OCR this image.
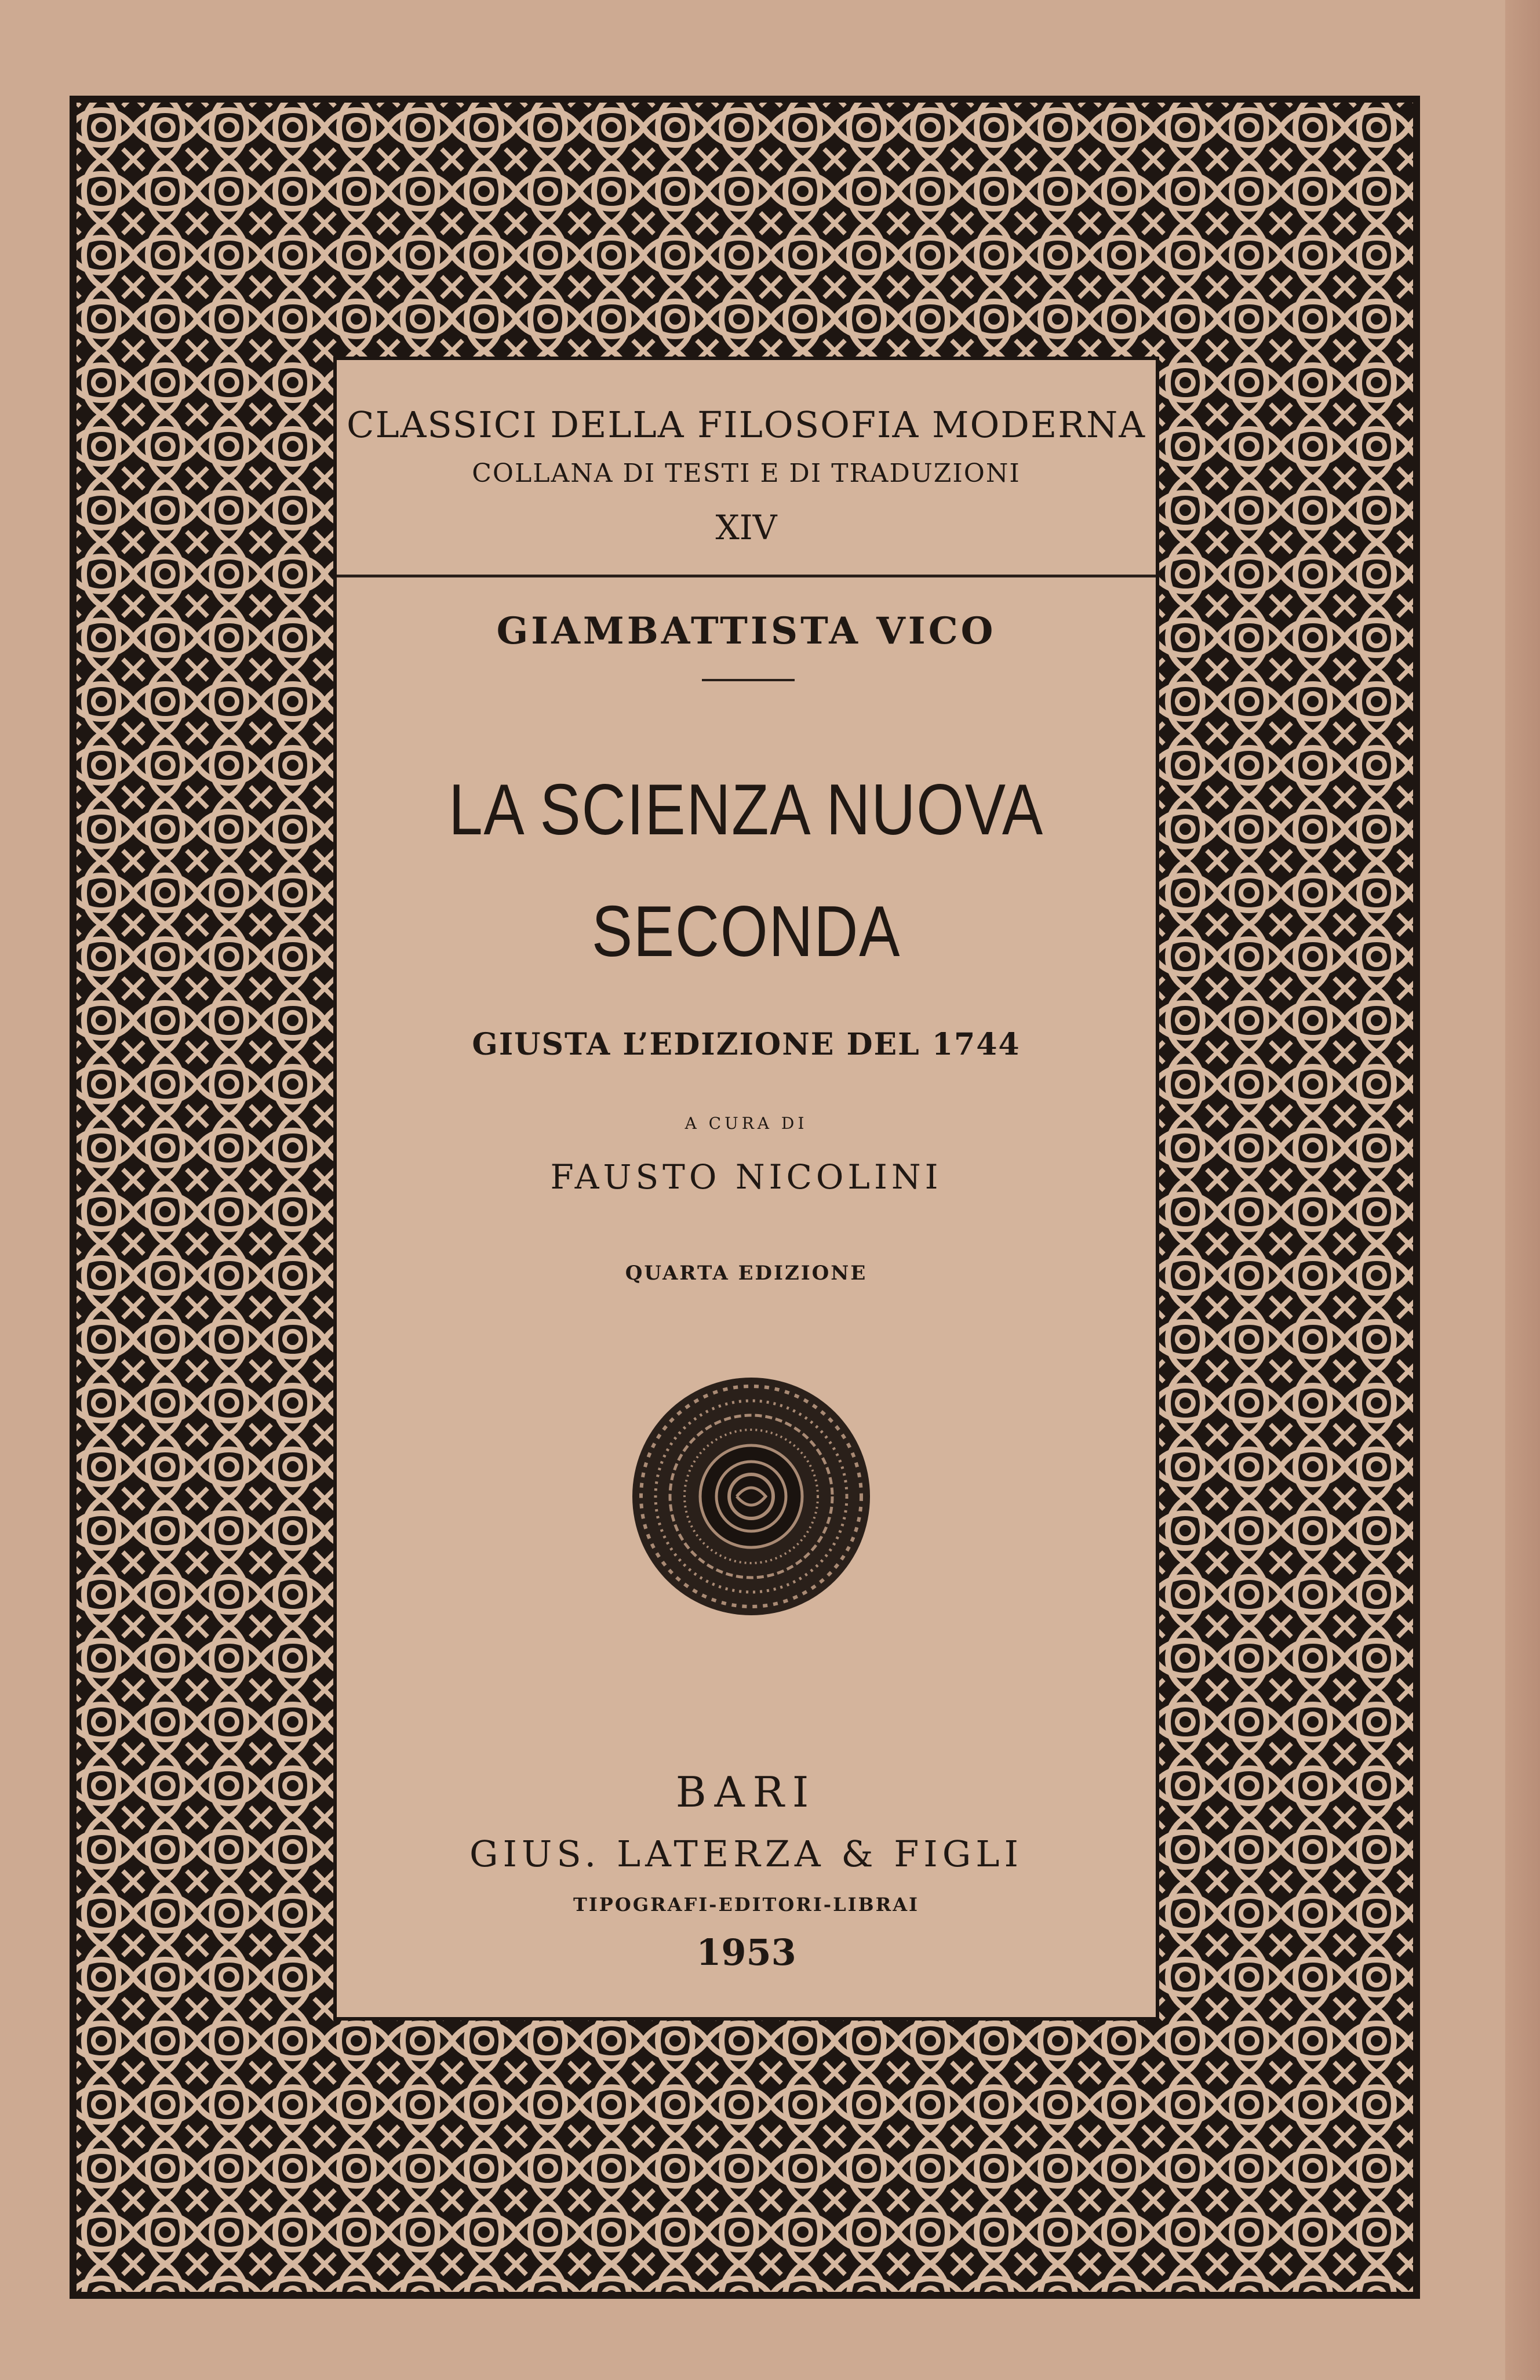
CLASSICI DELLA FILOSOFIA MODERNA
COLLANA DI TESTI E DI TRADUZIONI
XIV
GIAMBATTISTA VICO
LA SCIENZA NUOVA
SECONDA
GIUSTA L’EDIZIONE DEL 1744
A CURA DI
FAUSTO NICOLINI
QUARTA EDIZIONE
BARI
GIUS. LATERZA & FIGLI
TIPOGRAFI-EDITORI-LIBRAI
1953
